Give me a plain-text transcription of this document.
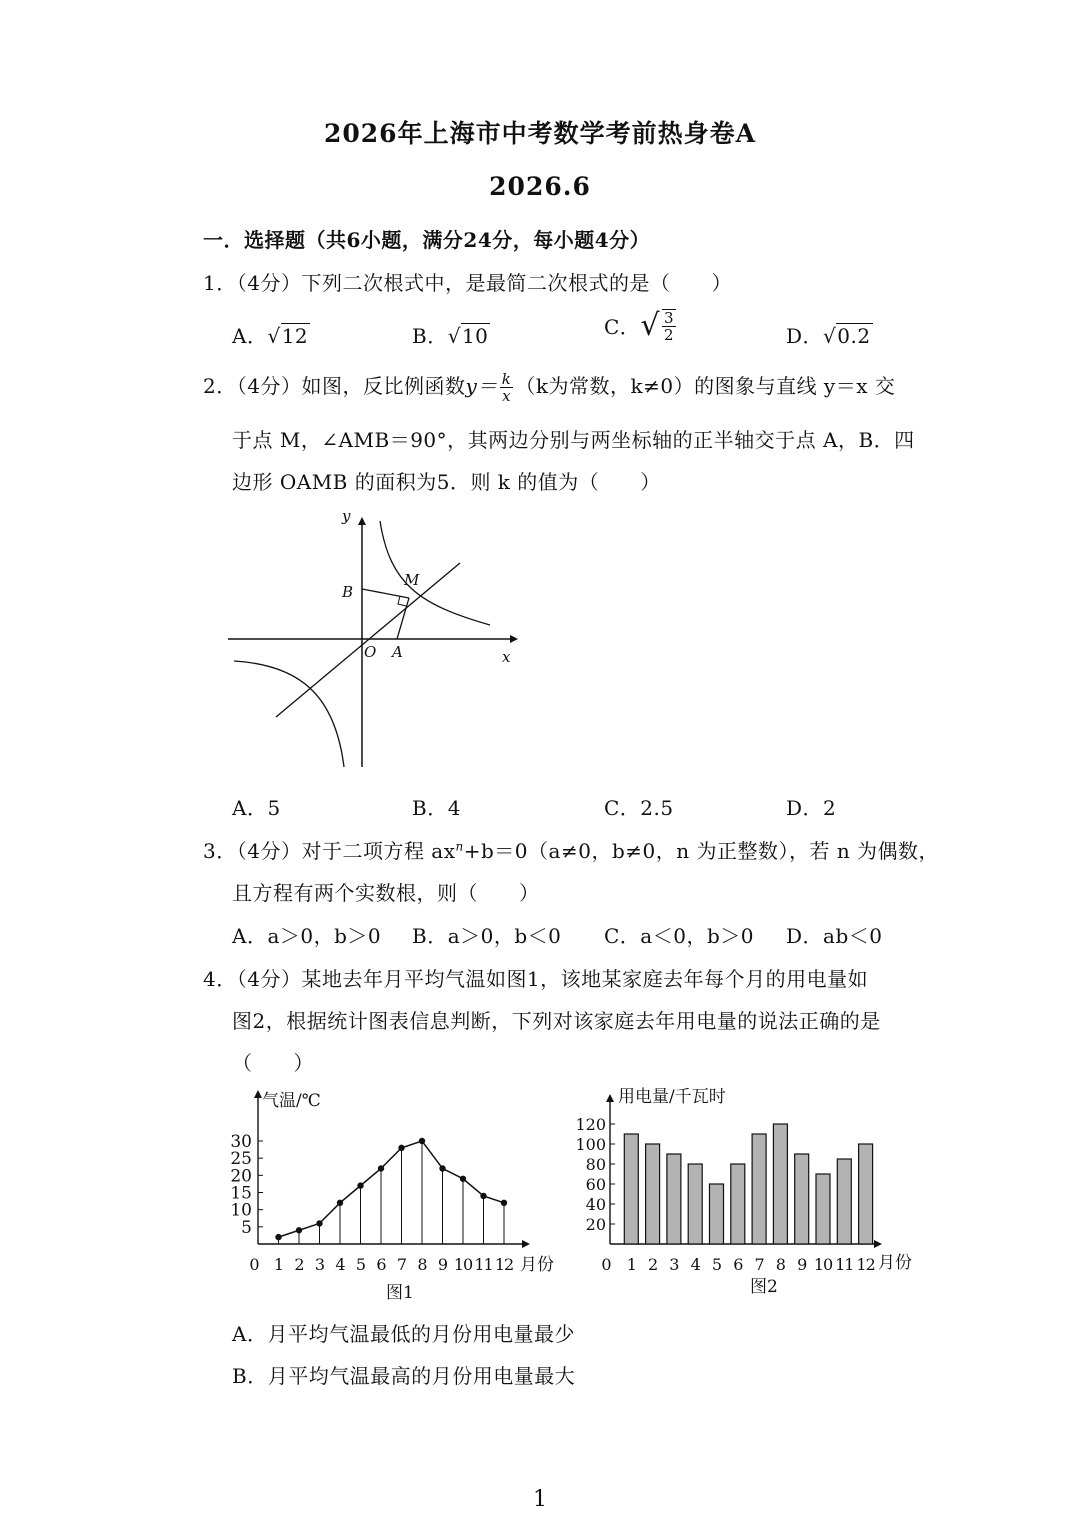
2026年上海市中考数学考前热身卷A
2026.6
一．选择题（共6小题，满分24分，每小题4分）
1．（4分）下列二次根式中，是最简二次根式的是（　　）
A．√12	B．√10	C．√ $\frac{3}{2}$	D．√0.2
2．（4分）如图，反比例函数$y= \frac{k}{x} (k$为常数，k≠0）的图象与直线 y＝x 交
于点 M，∠AMB＝90°，其两边分别与两坐标轴的正半轴交于点 A，B．四
边形 OAMB 的面积为5．则 k 的值为（　　）
y
x
O A
B
M
A．5	B．4	C．2.5	D．2
3．（4分）对于二项方程 $ax^n+b=0(a\ne 0$，b≠0，n 为正整数），若 n 为偶数，
且方程有两个实数根，则（　　）
A．a＞0，b＞0 B．a＞0，b＜0 C．a＜0，b＞0 D．ab＜0
4．（4分）某地去年月平均气温如图1，该地某家庭去年每个月的用电量如
图2，根据统计图表信息判断，下列对该家庭去年用电量的说法正确的是
（　　）
气温/℃
月份
图1
5
10
15
20
25
30
0 1 2 3 4 5 6 7 8 9 10 11 12
用电量/千瓦时
月份
图2
20
40
60
80
100
120
0 1 2 3 4 5 6 7 8 9 10 11 12
A．月平均气温最低的月份用电量最少
B．月平均气温最高的月份用电量最大
1
